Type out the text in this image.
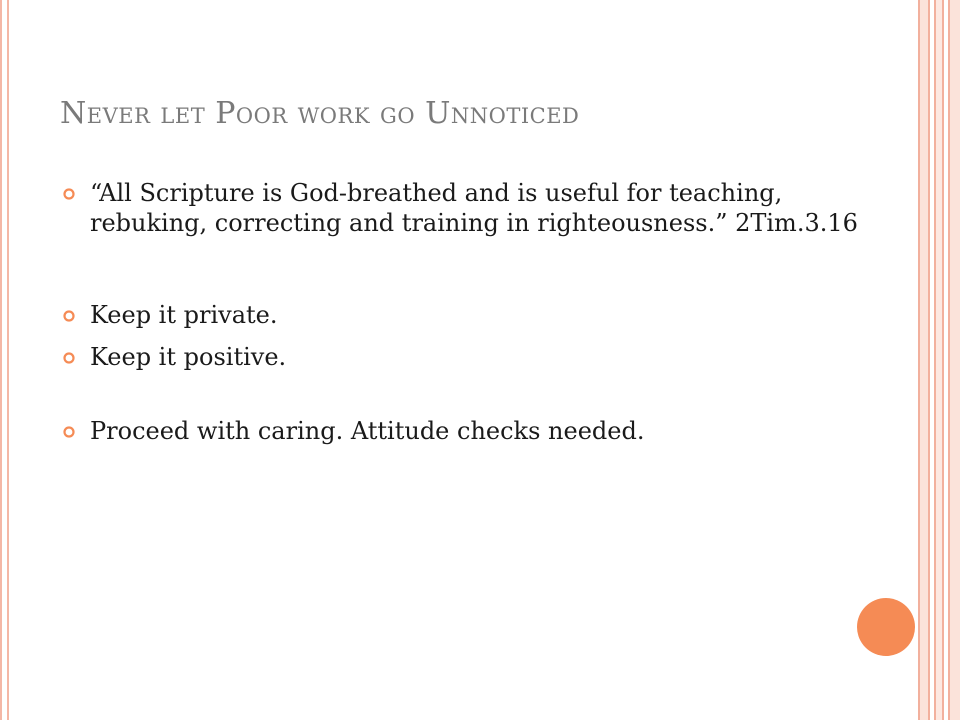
Never let Poor work go Unnoticed
“All Scripture is God-breathed and is useful for teaching, rebuking, correcting and training in righteousness.” 2Tim.3.16
Keep it private.
Keep it positive.
Proceed with caring. Attitude checks needed.
